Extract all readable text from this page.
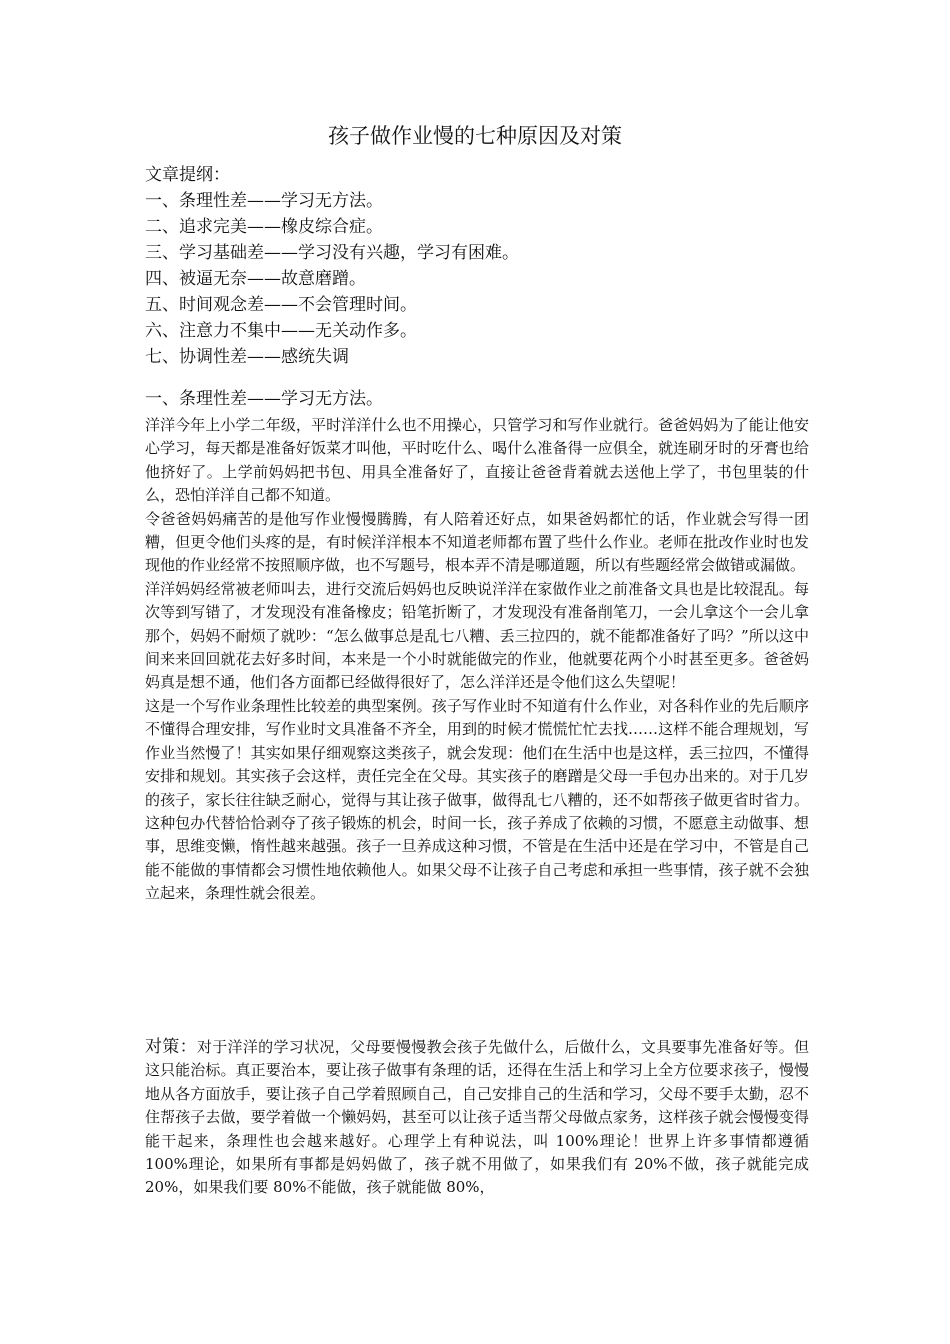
孩子做作业慢的七种原因及对策
文章提纲：
一、条理性差——学习无方法。
二、追求完美——橡皮综合症。
三、学习基础差——学习没有兴趣，学习有困难。
四、被逼无奈——故意磨蹭。
五、时间观念差——不会管理时间。
六、注意力不集中——无关动作多。
七、协调性差——感统失调
一、条理性差——学习无方法。

洋洋今年上小学二年级，平时洋洋什么也不用操心，只管学习和写作业就行。爸爸妈妈为了能让他安心学习，每天都是准备好饭菜才叫他，平时吃什么、喝什么准备得一应俱全，就连刷牙时的牙膏也给他挤好了。上学前妈妈把书包、用具全准备好了，直接让爸爸背着就去送他上学了，书包里装的什么，恐怕洋洋自己都不知道。

令爸爸妈妈痛苦的是他写作业慢慢腾腾，有人陪着还好点，如果爸妈都忙的话，作业就会写得一团糟，但更令他们头疼的是，有时候洋洋根本不知道老师都布置了些什么作业。老师在批改作业时也发现他的作业经常不按照顺序做，也不写题号，根本弄不清是哪道题，所以有些题经常会做错或漏做。

洋洋妈妈经常被老师叫去，进行交流后妈妈也反映说洋洋在家做作业之前准备文具也是比较混乱。每次等到写错了，才发现没有准备橡皮；铅笔折断了，才发现没有准备削笔刀，一会儿拿这个一会儿拿那个，妈妈不耐烦了就吵：“怎么做事总是乱七八糟、丢三拉四的，就不能都准备好了吗？”所以这中间来来回回就花去好多时间，本来是一个小时就能做完的作业，他就要花两个小时甚至更多。爸爸妈妈真是想不通，他们各方面都已经做得很好了，怎么洋洋还是令他们这么失望呢！

这是一个写作业条理性比较差的典型案例。孩子写作业时不知道有什么作业，对各科作业的先后顺序不懂得合理安排，写作业时文具准备不齐全，用到的时候才慌慌忙忙去找……这样不能合理规划，写作业当然慢了！其实如果仔细观察这类孩子，就会发现：他们在生活中也是这样，丢三拉四，不懂得安排和规划。其实孩子会这样，责任完全在父母。其实孩子的磨蹭是父母一手包办出来的。对于几岁的孩子，家长往往缺乏耐心，觉得与其让孩子做事，做得乱七八糟的，还不如帮孩子做更省时省力。这种包办代替恰恰剥夺了孩子锻炼的机会，时间一长，孩子养成了依赖的习惯，不愿意主动做事、想事，思维变懒，惰性越来越强。孩子一旦养成这种习惯，不管是在生活中还是在学习中，不管是自己能不能做的事情都会习惯性地依赖他人。如果父母不让孩子自己考虑和承担一些事情，孩子就不会独立起来，条理性就会很差。

对策：对于洋洋的学习状况，父母要慢慢教会孩子先做什么，后做什么，文具要事先准备好等。但这只能治标。真正要治本，要让孩子做事有条理的话，还得在生活上和学习上全方位要求孩子，慢慢地从各方面放手，要让孩子自己学着照顾自己，自己安排自己的生活和学习，父母不要手太勤，忍不住帮孩子去做，要学着做一个懒妈妈，甚至可以让孩子适当帮父母做点家务，这样孩子就会慢慢变得能干起来，条理性也会越来越好。心理学上有种说法，叫 100%理论！世界上许多事情都遵循 100%理论，如果所有事都是妈妈做了，孩子就不用做了，如果我们有 20%不做，孩子就能完成 20%，如果我们要 80%不能做，孩子就能做 80%，
